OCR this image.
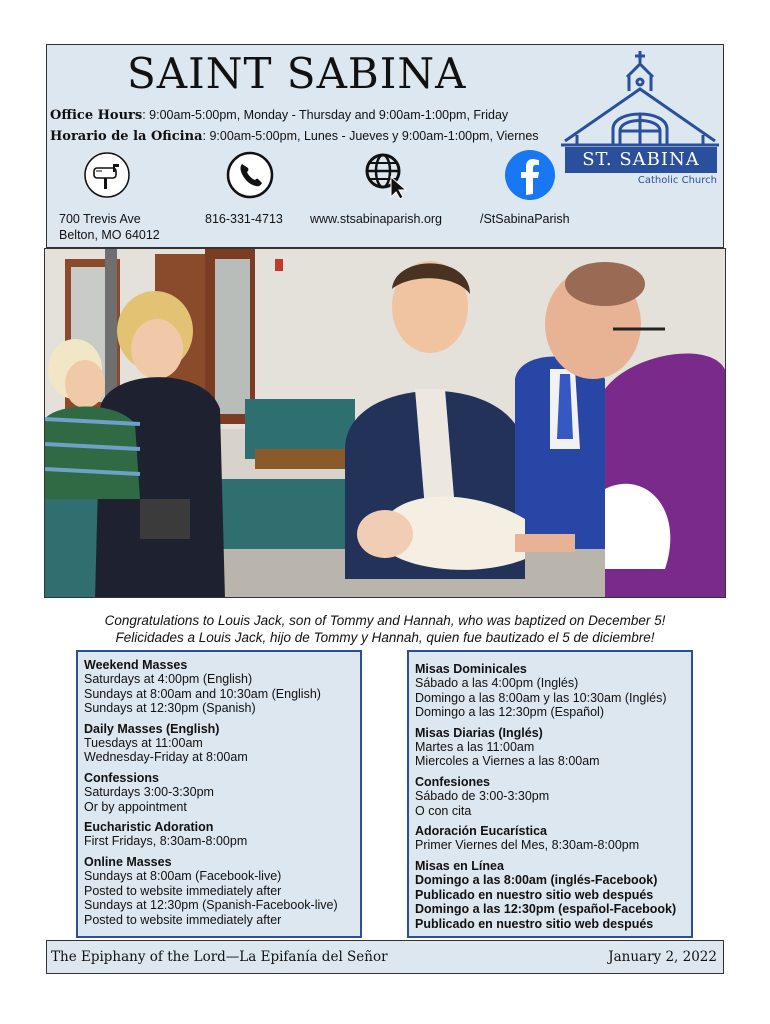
SAINT SABINA
Office Hours: 9:00am-5:00pm, Monday - Thursday and 9:00am-1:00pm, Friday
Horario de la Oficina: 9:00am-5:00pm, Lunes - Jueves y 9:00am-1:00pm, Viernes
700 Trevis Ave
Belton, MO 64012
816-331-4713 www.stsabinaparish.org	/StSabinaParish
ST. SABINA
Catholic Church
Congratulations to Louis Jack, son of Tommy and Hannah, who was baptized on December 5!
Felicidades a Louis Jack, hijo de Tommy y Hannah, quien fue bautizado el 5 de diciembre!
Weekend Masses
Saturdays at 4:00pm (English)
Sundays at 8:00am and 10:30am (English)
Sundays at 12:30pm (Spanish)
Daily Masses (English)
Tuesdays at 11:00am
Wednesday-Friday at 8:00am
Confessions
Saturdays 3:00-3:30pm
Or by appointment
Eucharistic Adoration
First Fridays, 8:30am-8:00pm
Online Masses
Sundays at 8:00am (Facebook-live)
Posted to website immediately after
Sundays at 12:30pm (Spanish-Facebook-live)
Posted to website immediately after
Misas Dominicales
Sábado a las 4:00pm (Inglés)
Domingo a las 8:00am y las 10:30am (Inglés)
Domingo a las 12:30pm (Español)
Misas Diarias (Inglés)
Martes a las 11:00am
Miercoles a Viernes a las 8:00am
Confesiones
Sábado de 3:00-3:30pm
O con cita
Adoración Eucarística
Primer Viernes del Mes, 8:30am-8:00pm
Misas en Línea
Domingo a las 8:00am (inglés-Facebook)
Publicado en nuestro sitio web después
Domingo a las 12:30pm (español-Facebook)
Publicado en nuestro sitio web después
The Epiphany of the Lord—La Epifanía del Señor	January 2, 2022
